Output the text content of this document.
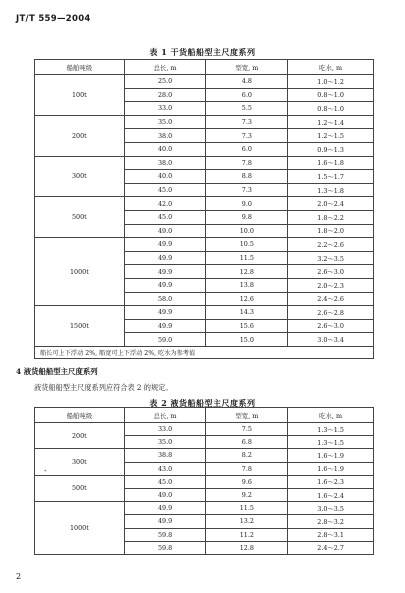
JT/T 559—2004
表 1 干货船船型主尺度系列
船舶吨级	总长, m	型宽, m	吃水, m
100t	25.0	4.8	1.0～1.2
	28.0	6.0	0.8～1.0
	33.0	5.5	0.8～1.0
200t	35.0	7.3	1.2～1.4
	38.0	7.3	1.2～1.5
	40.0	6.0	0.9～1.3
300t	38.0	7.8	1.6～1.8
	40.0	8.8	1.5～1.7
	45.0	7.3	1.3～1.8
500t	42.0	9.0	2.0～2.4
	45.0	9.8	1.8～2.2
	49.0	10.0	1.8～2.0
1000t	49.9	10.5	2.2～2.6
	49.9	11.5	3.2～3.5
	49.9	12.8	2.6～3.0
	49.9	13.8	2.0～2.3
	58.0	12.6	2.4～2.6
1500t	49.9	14.3	2.6～2.8
	49.9	15.6	2.6～3.0
	59.0	15.0	3.0～3.4
船长可上下浮动 2%, 船宽可上下浮动 2%, 吃水为参考值			
4 液货船船型主尺度系列
液货船船型主尺度系列应符合表 2 的规定。
表 2 液货船船型主尺度系列
船舶吨级	总长, m	型宽, m	吃水, m
200t	33.0	7.5	1.3～1.5
	35.0	6.8	1.3～1.5
300t	38.8	8.2	1.6～1.9
	43.0	7.8	1.6～1.9
500t	45.0	9.6	1.6～2.3
	49.0	9.2	1.6～2.4
1000t	49.9	11.5	3.0～3.5
	49.9	13.2	2.8～3.2
	59.8	11.2	2.8～3.1
	59.8	12.8	2.4～2.7
*
2
